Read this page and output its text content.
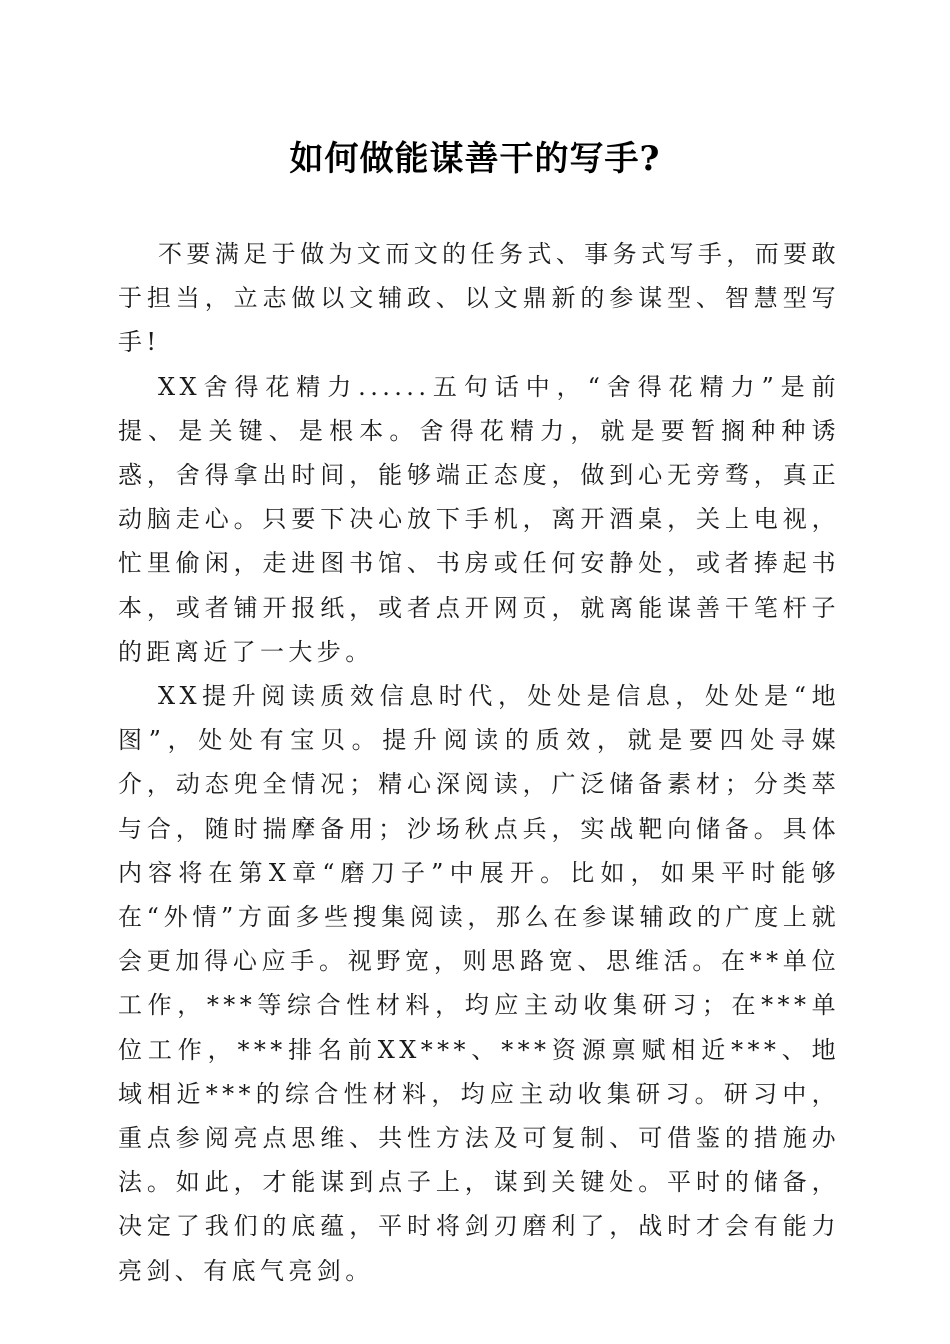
如何做能谋善干的写手?

不要满足于做为文而文的任务式、事务式写手，而要敢于担当，立志做以文辅政、以文鼎新的参谋型、智慧型写手!

XX舍得花精力......五句话中，“舍得花精力”是前提、是关键、是根本。舍得花精力，就是要暂搁种种诱惑，舍得拿出时间，能够端正态度，做到心无旁骛，真正动脑走心。只要下决心放下手机，离开酒桌，关上电视，忙里偷闲，走进图书馆、书房或任何安静处，或者捧起书本，或者铺开报纸，或者点开网页，就离能谋善干笔杆子的距离近了一大步。

XX提升阅读质效信息时代，处处是信息，处处是“地图”，处处有宝贝。提升阅读的质效，就是要四处寻媒介，动态兜全情况；精心深阅读，广泛储备素材；分类萃与合，随时揣摩备用；沙场秋点兵，实战靶向储备。具体内容将在第X章“磨刀子”中展开。比如，如果平时能够在“外情”方面多些搜集阅读，那么在参谋辅政的广度上就会更加得心应手。视野宽，则思路宽、思维活。在**单位工作，***等综合性材料，均应主动收集研习；在***单位工作，***排名前XX***、***资源禀赋相近***、地域相近***的综合性材料，均应主动收集研习。研习中，重点参阅亮点思维、共性方法及可复制、可借鉴的措施办法。如此，才能谋到点子上，谋到关键处。平时的储备，决定了我们的底蕴，平时将剑刃磨利了，战时才会有能力亮剑、有底气亮剑。
